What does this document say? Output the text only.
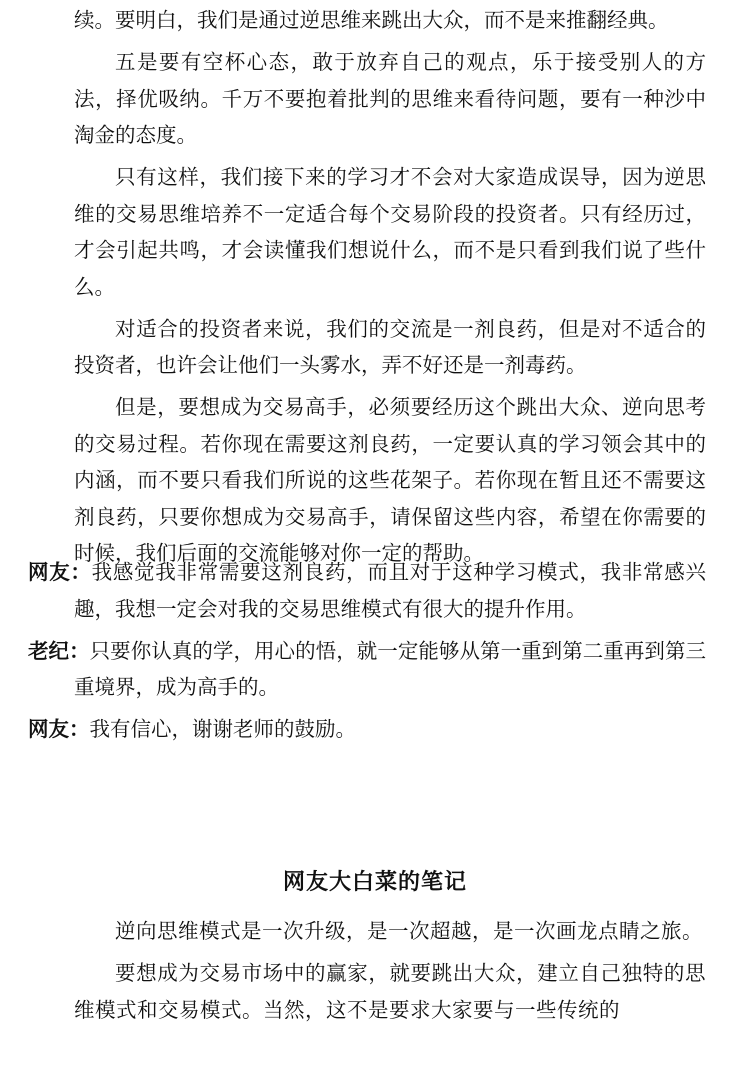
续。要明白，我们是通过逆思维来跳出大众，而不是来推翻经典。

五是要有空杯心态，敢于放弃自己的观点，乐于接受别人的方法，择优吸纳。千万不要抱着批判的思维来看待问题，要有一种沙中淘金的态度。

只有这样，我们接下来的学习才不会对大家造成误导，因为逆思维的交易思维培养不一定适合每个交易阶段的投资者。只有经历过，才会引起共鸣，才会读懂我们想说什么，而不是只看到我们说了些什么。

对适合的投资者来说，我们的交流是一剂良药，但是对不适合的投资者，也许会让他们一头雾水，弄不好还是一剂毒药。

但是，要想成为交易高手，必须要经历这个跳出大众、逆向思考的交易过程。若你现在需要这剂良药，一定要认真的学习领会其中的内涵，而不要只看我们所说的这些花架子。若你现在暂且还不需要这剂良药，只要你想成为交易高手，请保留这些内容，希望在你需要的时候，我们后面的交流能够对你一定的帮助。

网友：我感觉我非常需要这剂良药，而且对于这种学习模式，我非常感兴趣，我想一定会对我的交易思维模式有很大的提升作用。
老纪：只要你认真的学，用心的悟，就一定能够从第一重到第二重再到第三重境界，成为高手的。
网友：我有信心，谢谢老师的鼓励。
网友大白菜的笔记

逆向思维模式是一次升级，是一次超越，是一次画龙点睛之旅。

要想成为交易市场中的赢家，就要跳出大众，建立自己独特的思维模式和交易模式。当然，这不是要求大家要与一些传统的
